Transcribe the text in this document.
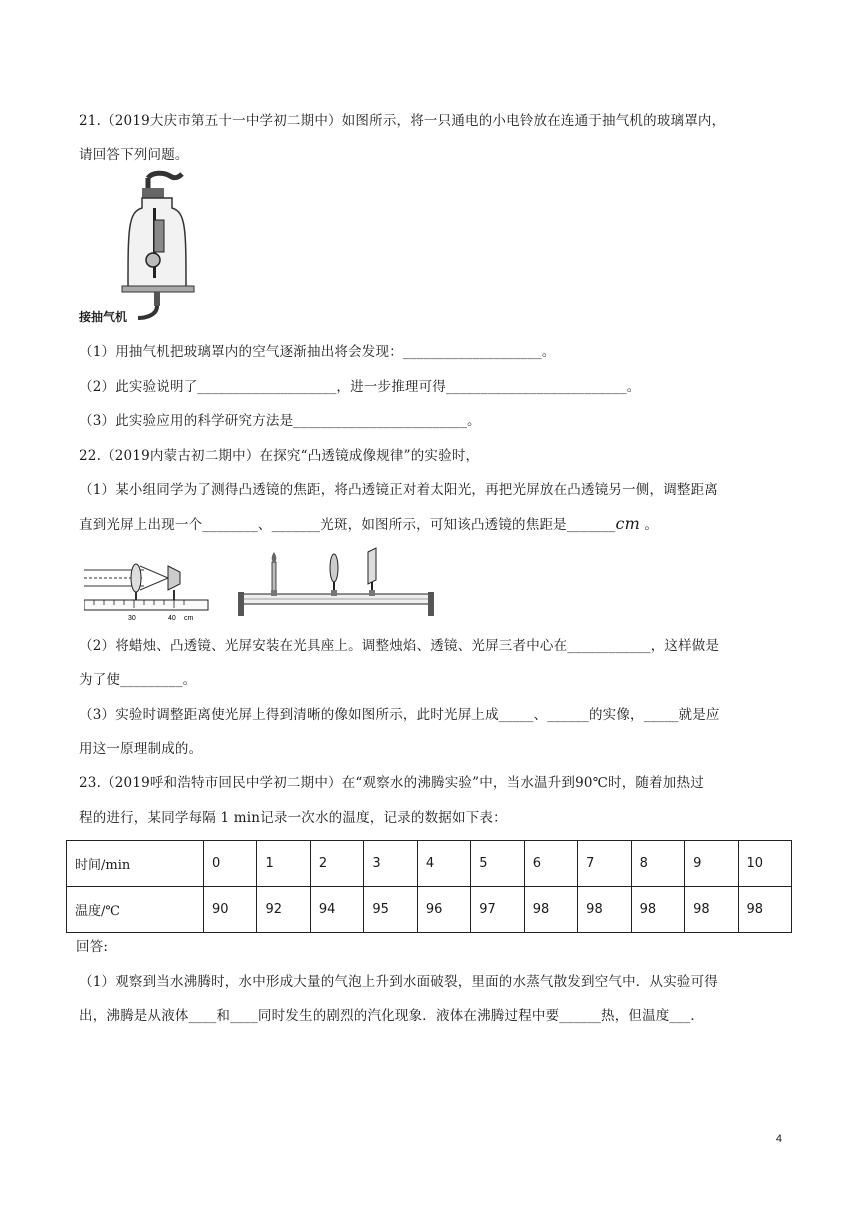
21.（2019大庆市第五十一中学初二期中）如图所示，将一只通电的小电铃放在连通于抽气机的玻璃罩内，
请回答下列问题。
接抽气机
（1）用抽气机把玻璃罩内的空气逐渐抽出将会发现：____________________。
（2）此实验说明了____________________，进一步推理可得__________________________。
（3）此实验应用的科学研究方法是_________________________。
22.（2019内蒙古初二期中）在探究“凸透镜成像规律”的实验时，
（1）某小组同学为了测得凸透镜的焦距，将凸透镜正对着太阳光，再把光屏放在凸透镜另一侧，调整距离
直到光屏上出现一个________、_______光斑，如图所示，可知该凸透镜的焦距是_______cm 。
30	40 cm
（2）将蜡烛、凸透镜、光屏安装在光具座上。调整烛焰、透镜、光屏三者中心在____________，这样做是
为了使_________。
（3）实验时调整距离使光屏上得到清晰的像如图所示，此时光屏上成_____、______的实像，_____就是应
用这一原理制成的。
23.（2019呼和浩特市回民中学初二期中）在“观察水的沸腾实验”中，当水温升到90℃时，随着加热过
程的进行，某同学每隔 1 min记录一次水的温度，记录的数据如下表：
时间/min	0	1	2	3	4	5	6	7	8	9	10
温度/℃	90	92	94	95	96	97	98	98	98	98	98
回答:
（1）观察到当水沸腾时，水中形成大量的气泡上升到水面破裂，里面的水蒸气散发到空气中．从实验可得
出，沸腾是从液体____和____同时发生的剧烈的汽化现象．液体在沸腾过程中要______热，但温度___．
4
